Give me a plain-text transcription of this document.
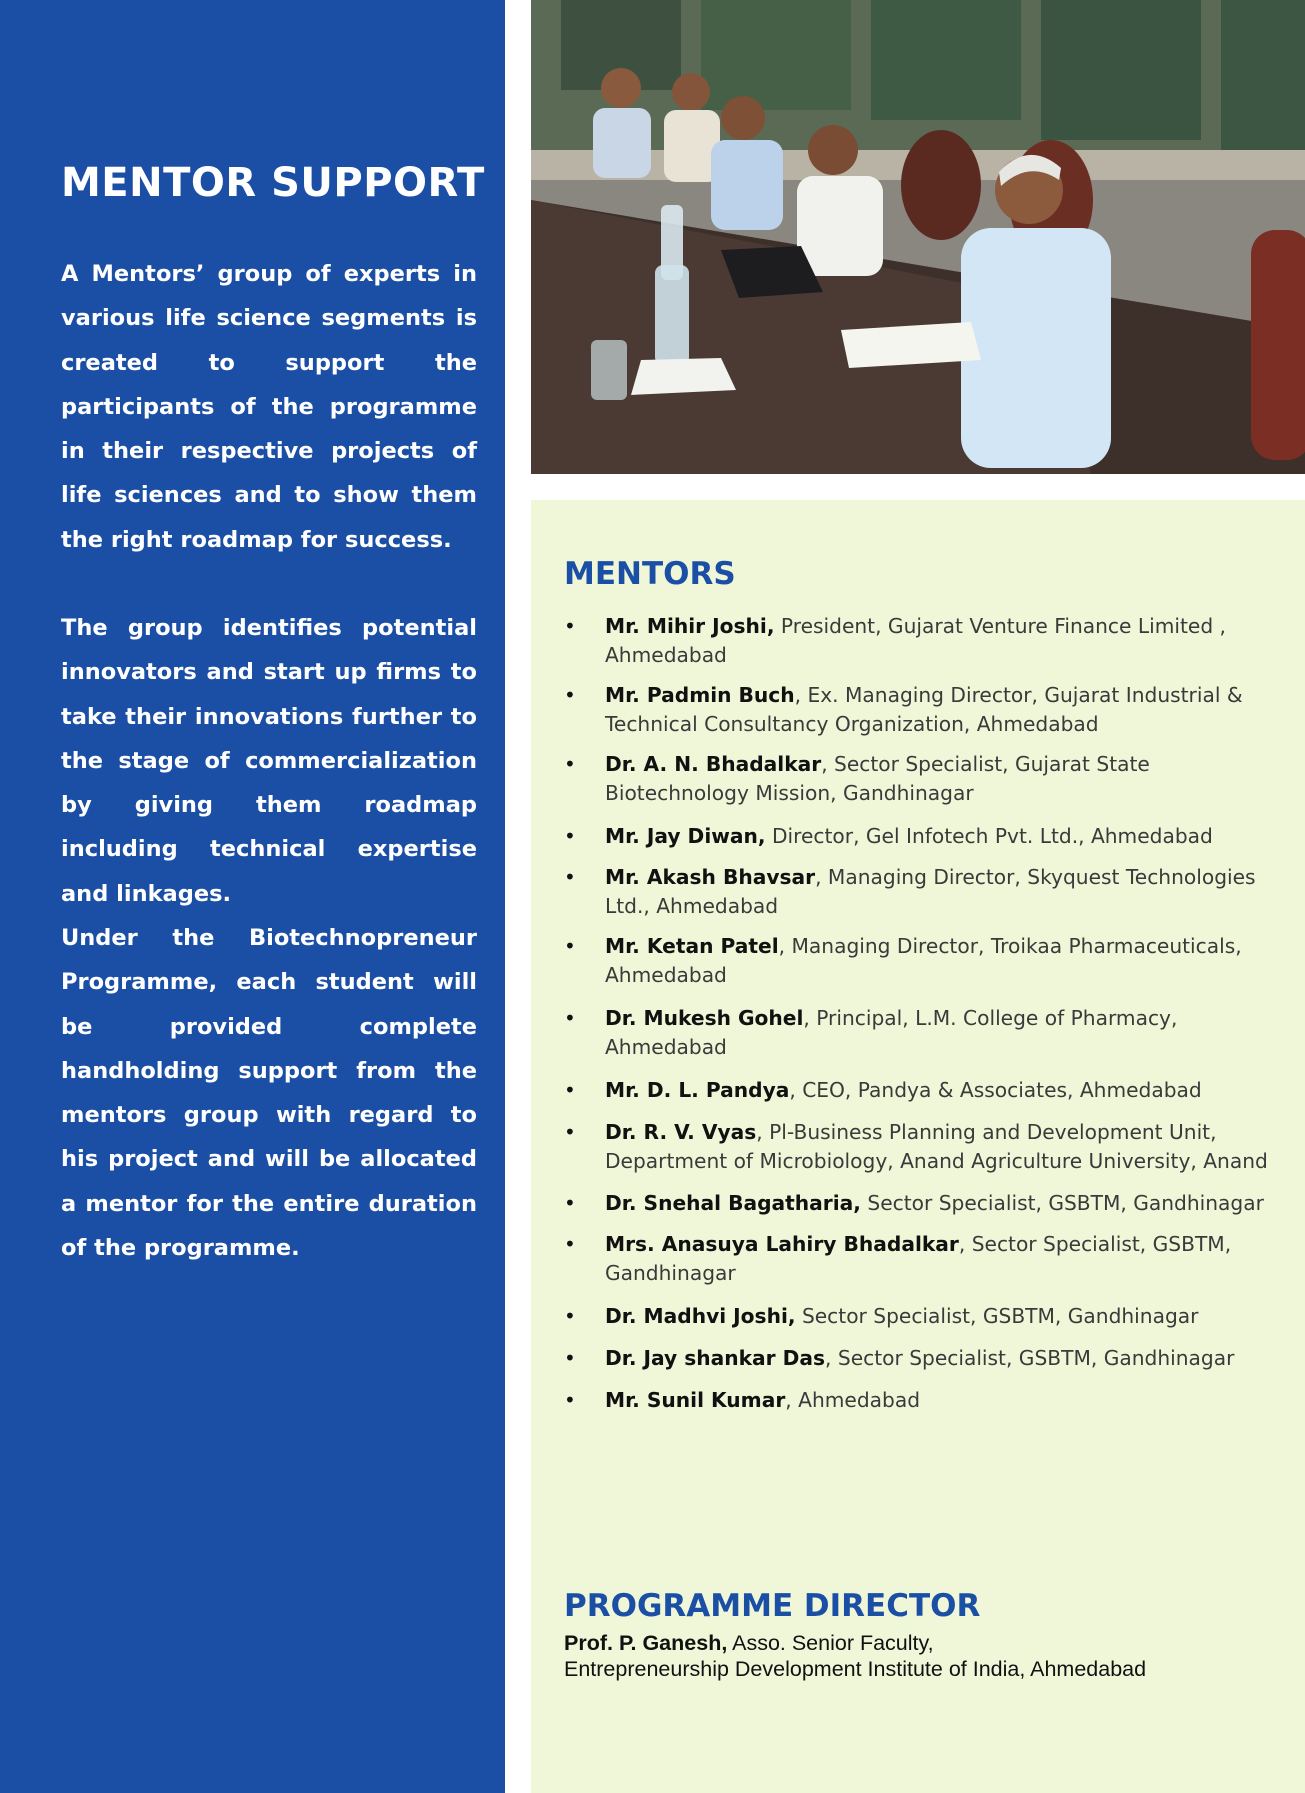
MENTOR SUPPORT

A Mentors’ group of experts in various life science segments is created to support the participants of the programme in their respective projects of life sciences and to show them the right roadmap for success.

The group identifies potential innovators and start up firms to take their innovations further to the stage of commercialization by giving them roadmap including technical expertise and linkages.

Under the Biotechnopreneur Programme, each student will be provided complete handholding support from the mentors group with regard to his project and will be allocated a mentor for the entire duration of the programme.

MENTORS
• Mr. Mihir Joshi, President, Gujarat Venture Finance Limited , Ahmedabad
• Mr. Padmin Buch, Ex. Managing Director, Gujarat Industrial & Technical Consultancy Organization, Ahmedabad
• Dr. A. N. Bhadalkar, Sector Specialist, Gujarat State Biotechnology Mission, Gandhinagar
• Mr. Jay Diwan, Director, Gel Infotech Pvt. Ltd., Ahmedabad
• Mr. Akash Bhavsar, Managing Director, Skyquest Technologies Ltd., Ahmedabad
• Mr. Ketan Patel, Managing Director, Troikaa Pharmaceuticals, Ahmedabad
• Dr. Mukesh Gohel, Principal, L.M. College of Pharmacy, Ahmedabad
• Mr. D. L. Pandya, CEO, Pandya & Associates, Ahmedabad
• Dr. R. V. Vyas, Pl-Business Planning and Development Unit, Department of Microbiology, Anand Agriculture University, Anand
• Dr. Snehal Bagatharia, Sector Specialist, GSBTM, Gandhinagar
• Mrs. Anasuya Lahiry Bhadalkar, Sector Specialist, GSBTM, Gandhinagar
• Dr. Madhvi Joshi, Sector Specialist, GSBTM, Gandhinagar
• Dr. Jay shankar Das, Sector Specialist, GSBTM, Gandhinagar
• Mr. Sunil Kumar, Ahmedabad
PROGRAMME DIRECTOR
Prof. P. Ganesh, Asso. Senior Faculty,
Entrepreneurship Development Institute of India, Ahmedabad
